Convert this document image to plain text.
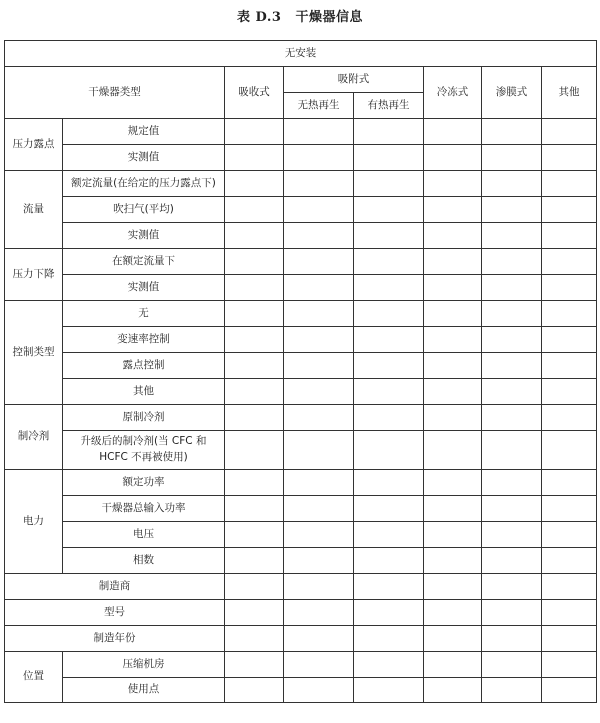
表 D.3 干燥器信息
无安装							
干燥器类型		吸收式	吸附式		冷冻式	渗膜式	其他
			无热再生	有热再生			
压力露点	规定值						
	实测值						
流量	额定流量(在给定的压力露点下)						
	吹扫气(平均)						
	实测值						
压力下降	在额定流量下						
	实测值						
控制类型	无						
	变速率控制						
	露点控制						
	其他						
制冷剂	原制冷剂						
	升级后的制冷剂(当 CFC 和 HCFC 不再被使用)						
电力	额定功率						
	干燥器总输入功率						
	电压						
	相数						
制造商							
型号							
制造年份							
位置	压缩机房						
	使用点						
